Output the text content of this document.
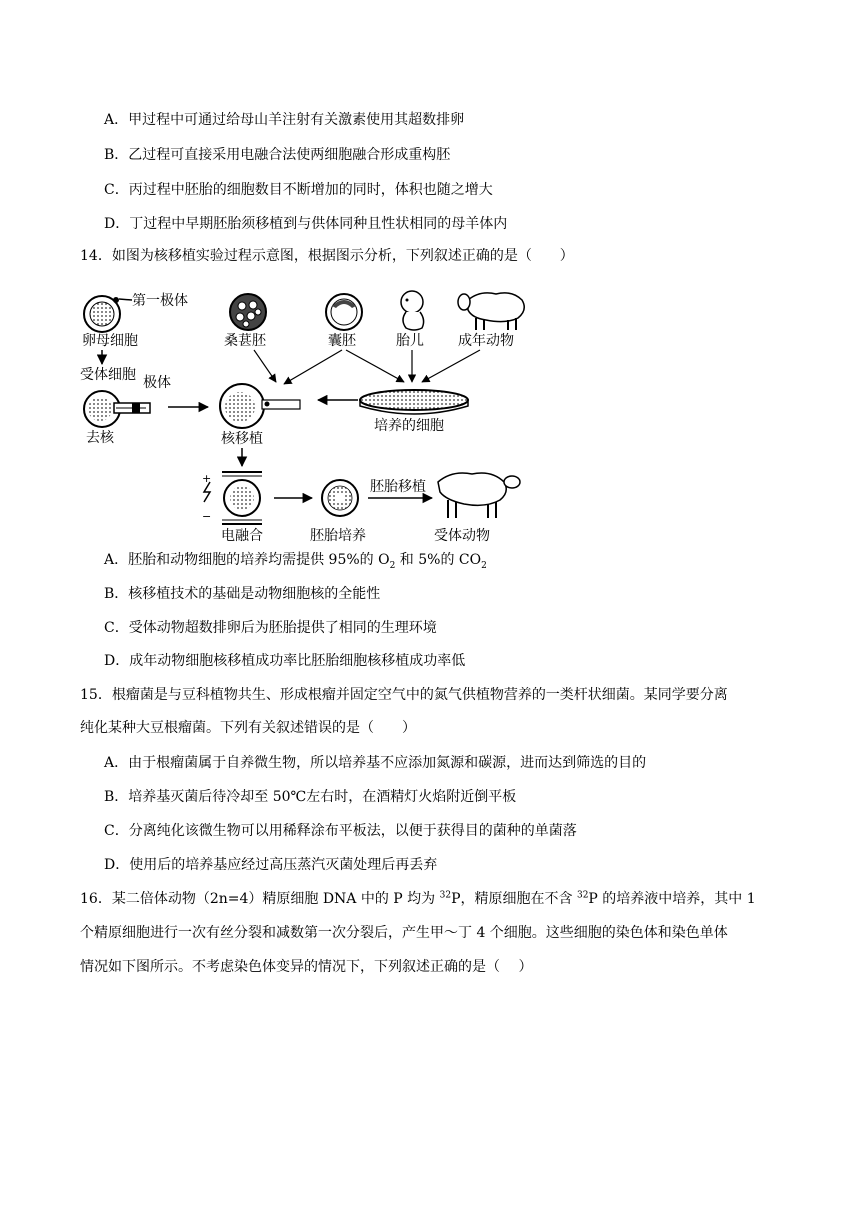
A．甲过程中可通过给母山羊注射有关激素使用其超数排卵
B．乙过程可直接采用电融合法使两细胞融合形成重构胚
C．丙过程中胚胎的细胞数目不断增加的同时，体积也随之增大
D．丁过程中早期胚胎须移植到与供体同种且性状相同的母羊体内
14．如图为核移植实验过程示意图，根据图示分析，下列叙述正确的是（　　）
第一极体
卵母细胞
受体细胞 极体
去核
桑葚胚	囊胚	胎儿 成年动物
核移植
培养的细胞
+
−
电融合	胚胎培养
胚胎移植
受体动物
A．胚胎和动物细胞的培养均需提供 95%的 $O_2$ 和 5%的 $CO_2$
B．核移植技术的基础是动物细胞核的全能性
C．受体动物超数排卵后为胚胎提供了相同的生理环境
D．成年动物细胞核移植成功率比胚胎细胞核移植成功率低
15．根瘤菌是与豆科植物共生、形成根瘤并固定空气中的氮气供植物营养的一类杆状细菌。某同学要分离
纯化某种大豆根瘤菌。下列有关叙述错误的是（　　）
A．由于根瘤菌属于自养微生物，所以培养基不应添加氮源和碳源，进而达到筛选的目的
B．培养基灭菌后待冷却至 50℃左右时，在酒精灯火焰附近倒平板
C．分离纯化该微生物可以用稀释涂布平板法，以便于获得目的菌种的单菌落
D．使用后的培养基应经过高压蒸汽灭菌处理后再丢弃
16．某二倍体动物（2n=4）精原细胞 DNA 中的 P 均为 $^{32}$P，精原细胞在不含 $^{32}$P 的培养液中培养，其中 1
个精原细胞进行一次有丝分裂和减数第一次分裂后，产生甲～丁 4 个细胞。这些细胞的染色体和染色单体
情况如下图所示。不考虑染色体变异的情况下，下列叙述正确的是（　 ）
